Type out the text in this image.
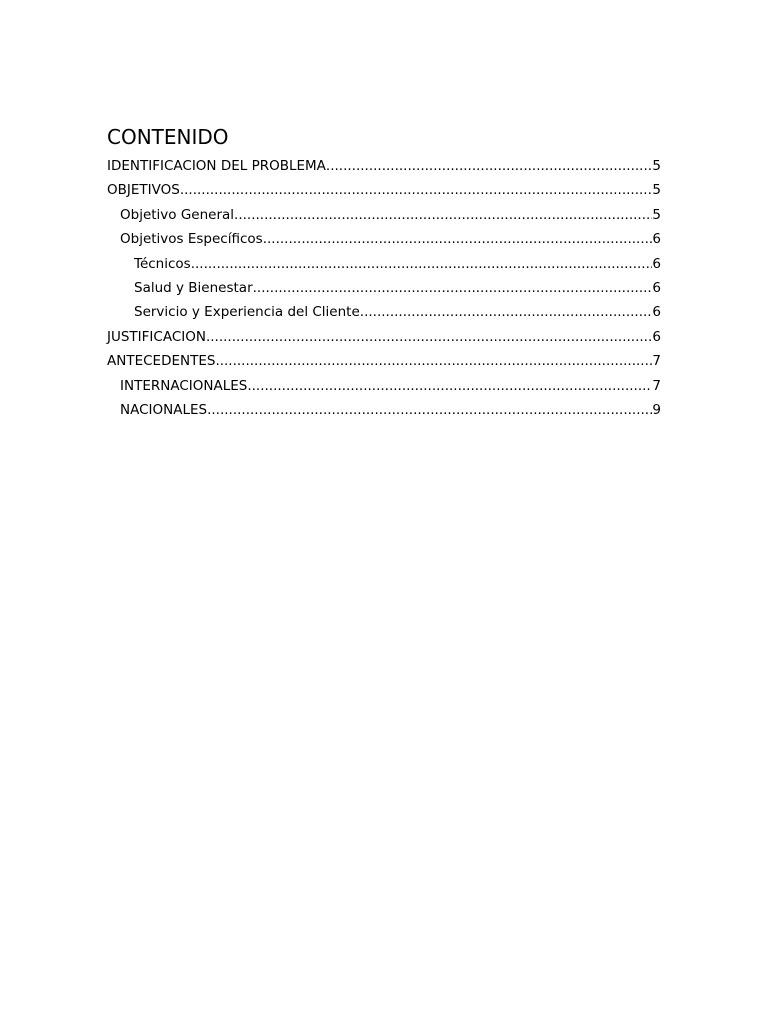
CONTENIDO
IDENTIFICACION DEL PROBLEMA .....	5
OBJETIVOS .....	5
Objetivo General .....	5
Objetivos Específicos .....	6
Técnicos .....	6
Salud y Bienestar .....	6
Servicio y Experiencia del Cliente .....	6
JUSTIFICACION .....	6
ANTECEDENTES .....	7
INTERNACIONALES .....	7
NACIONALES .....	9
